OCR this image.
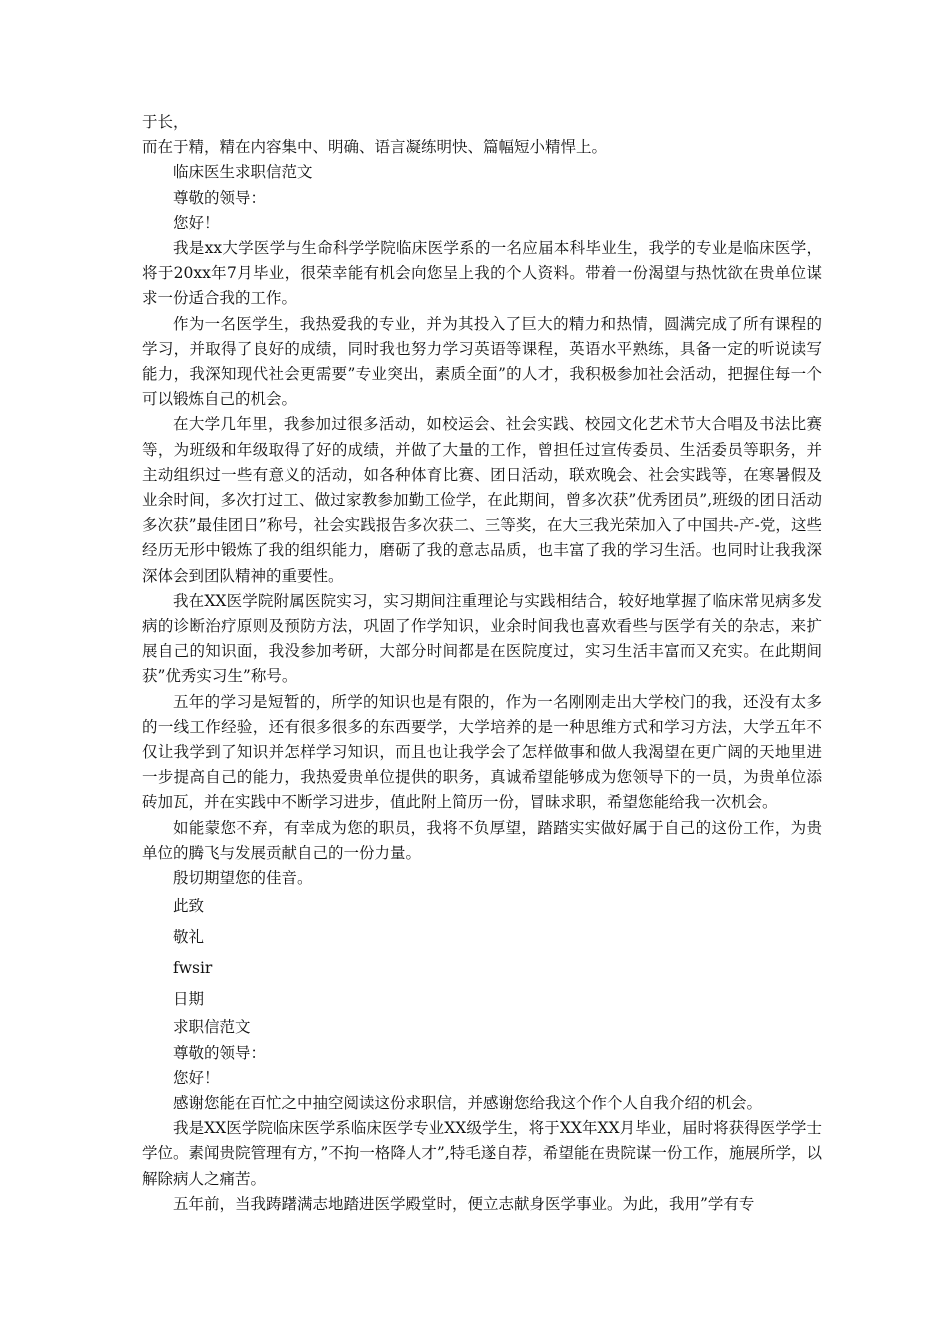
于长，

而在于精，精在内容集中、明确、语言凝练明快、篇幅短小精悍上。

临床医生求职信范文

尊敬的领导：

您好！

我是xx大学医学与生命科学学院临床医学系的一名应届本科毕业生，我学的专业是临床医学，将于20xx年7月毕业，很荣幸能有机会向您呈上我的个人资料。带着一份渴望与热忱欲在贵单位谋求一份适合我的工作。

作为一名医学生，我热爱我的专业，并为其投入了巨大的精力和热情，圆满完成了所有课程的学习，并取得了良好的成绩，同时我也努力学习英语等课程，英语水平熟练，具备一定的听说读写能力，我深知现代社会更需要”专业突出，素质全面”的人才，我积极参加社会活动，把握住每一个可以锻炼自己的机会。

在大学几年里，我参加过很多活动，如校运会、社会实践、校园文化艺术节大合唱及书法比赛等，为班级和年级取得了好的成绩，并做了大量的工作，曾担任过宣传委员、生活委员等职务，并主动组织过一些有意义的活动，如各种体育比赛、团日活动，联欢晚会、社会实践等，在寒暑假及业余时间，多次打过工、做过家教参加勤工俭学，在此期间，曾多次获”优秀团员”,班级的团日活动多次获”最佳团日”称号，社会实践报告多次获二、三等奖，在大三我光荣加入了中国共-产-党，这些经历无形中锻炼了我的组织能力，磨砺了我的意志品质，也丰富了我的学习生活。也同时让我我深深体会到团队精神的重要性。

我在XX医学院附属医院实习，实习期间注重理论与实践相结合，较好地掌握了临床常见病多发病的诊断治疗原则及预防方法，巩固了作学知识，业余时间我也喜欢看些与医学有关的杂志，来扩展自己的知识面，我没参加考研，大部分时间都是在医院度过，实习生活丰富而又充实。在此期间获”优秀实习生”称号。

五年的学习是短暂的，所学的知识也是有限的，作为一名刚刚走出大学校门的我，还没有太多的一线工作经验，还有很多很多的东西要学，大学培养的是一种思维方式和学习方法，大学五年不仅让我学到了知识并怎样学习知识，而且也让我学会了怎样做事和做人我渴望在更广阔的天地里进一步提高自己的能力，我热爱贵单位提供的职务，真诚希望能够成为您领导下的一员，为贵单位添砖加瓦，并在实践中不断学习进步，值此附上简历一份，冒昧求职，希望您能给我一次机会。

如能蒙您不弃，有幸成为您的职员，我将不负厚望，踏踏实实做好属于自己的这份工作，为贵单位的腾飞与发展贡献自己的一份力量。

殷切期望您的佳音。

此致

敬礼

fwsir

日期

求职信范文

尊敬的领导：

您好！

感谢您能在百忙之中抽空阅读这份求职信，并感谢您给我这个作个人自我介绍的机会。

我是XX医学院临床医学系临床医学专业XX级学生，将于XX年XX月毕业，届时将获得医学学士学位。素闻贵院管理有方，”不拘一格降人才”,特毛遂自荐，希望能在贵院谋一份工作，施展所学，以解除病人之痛苦。

五年前，当我踌躇满志地踏进医学殿堂时，便立志献身医学事业。为此，我用”学有专
